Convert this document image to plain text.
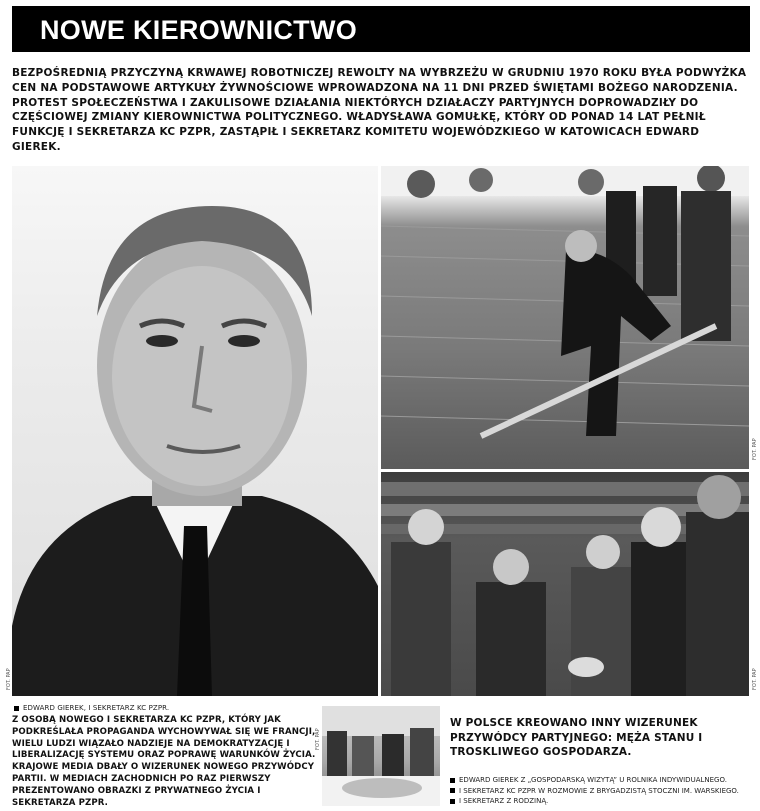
NOWE KIEROWNICTWO
BEZPOŚREDNIĄ PRZYCZYNĄ KRWAWEJ ROBOTNICZEJ REWOLTY NA WYBRZEŻU W GRUDNIU 1970 ROKU BYŁA PODWYŻKA CEN NA PODSTAWOWE ARTYKUŁY ŻYWNOŚCIOWE WPROWADZONA NA 11 DNI PRZED ŚWIĘTAMI BOŻEGO NARODZENIA. PROTEST SPOŁECZEŃSTWA I ZAKULISOWE DZIAŁANIA NIEKTÓRYCH DZIAŁACZY PARTYJNYCH DOPROWADZIŁY DO CZĘŚCIOWEJ ZMIANY KIEROWNICTWA POLITYCZNEGO. WŁADYSŁAWA GOMUŁKĘ, KTÓRY OD PONAD 14 LAT PEŁNIŁ FUNKCJĘ I SEKRETARZA KC PZPR, ZASTĄPIŁ I SEKRETARZ KOMITETU WOJEWÓDZKIEGO W KATOWICACH EDWARD GIEREK.
EDWARD GIEREK, I SEKRETARZ KC PZPR.
Z OSOBĄ NOWEGO I SEKRETARZA KC PZPR, KTÓRY JAK PODKREŚLAŁA PROPAGANDA WYCHOWYWAŁ SIĘ WE FRANCJI, WIELU LUDZI WIĄZAŁO NADZIEJE NA DEMOKRATYZACJĘ I LIBERALIZACJĘ SYSTEMU ORAZ POPRAWĘ WARUNKÓW ŻYCIA. KRAJOWE MEDIA DBAŁY O WIZERUNEK NOWEGO PRZYWÓDCY PARTII. W MEDIACH ZACHODNICH PO RAZ PIERWSZY PREZENTOWANO OBRAZKI Z PRYWATNEGO ŻYCIA I SEKRETARZA PZPR.
W POLSCE KREOWANO INNY WIZERUNEK PRZYWÓDCY PARTYJNEGO: MĘŻA STANU I TROSKLIWEGO GOSPODARZA.
EDWARD GIEREK Z „GOSPODARSKĄ WIZYTĄ” U ROLNIKA INDYWIDUALNEGO.
I SEKRETARZ KC PZPR W ROZMOWIE Z BRYGADZISTĄ STOCZNI IM. WARSKIEGO.
I SEKRETARZ Z RODZINĄ.
FOT. PAP
FOT. PAP
FOT. PAP
FOT. PAP
